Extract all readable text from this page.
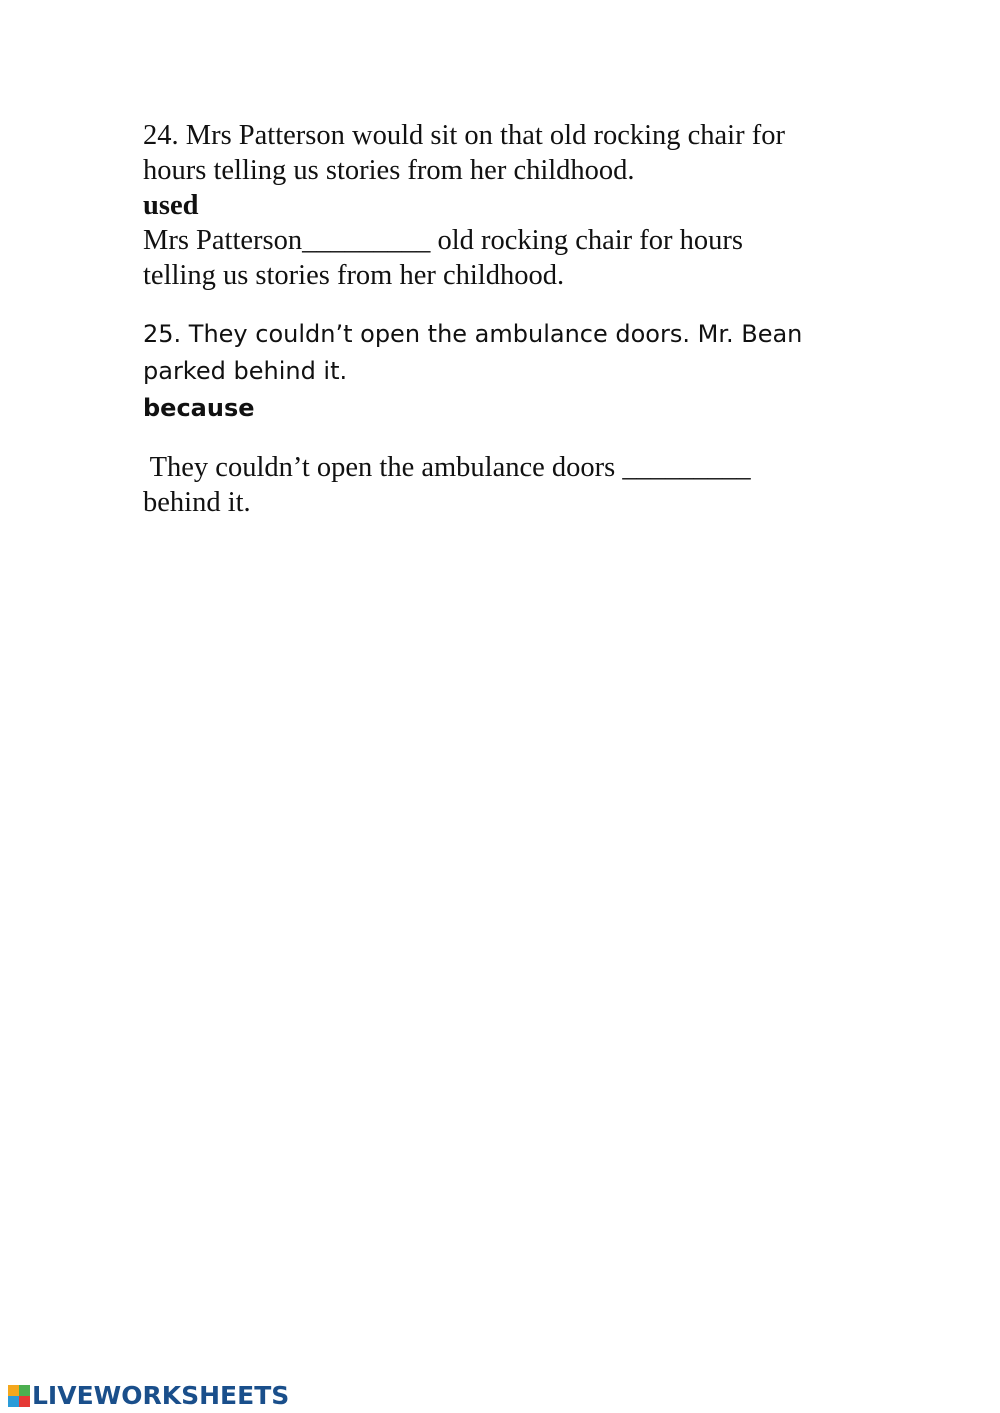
24. Mrs Patterson would sit on that old rocking chair for
hours telling us stories from her childhood.
used
Mrs Patterson_________ old rocking chair for hours
telling us stories from her childhood.
25. They couldn’t open the ambulance doors. Mr. Bean
parked behind it.
because
They couldn’t open the ambulance doors _________
behind it.
LIVEWORKSHEETS
